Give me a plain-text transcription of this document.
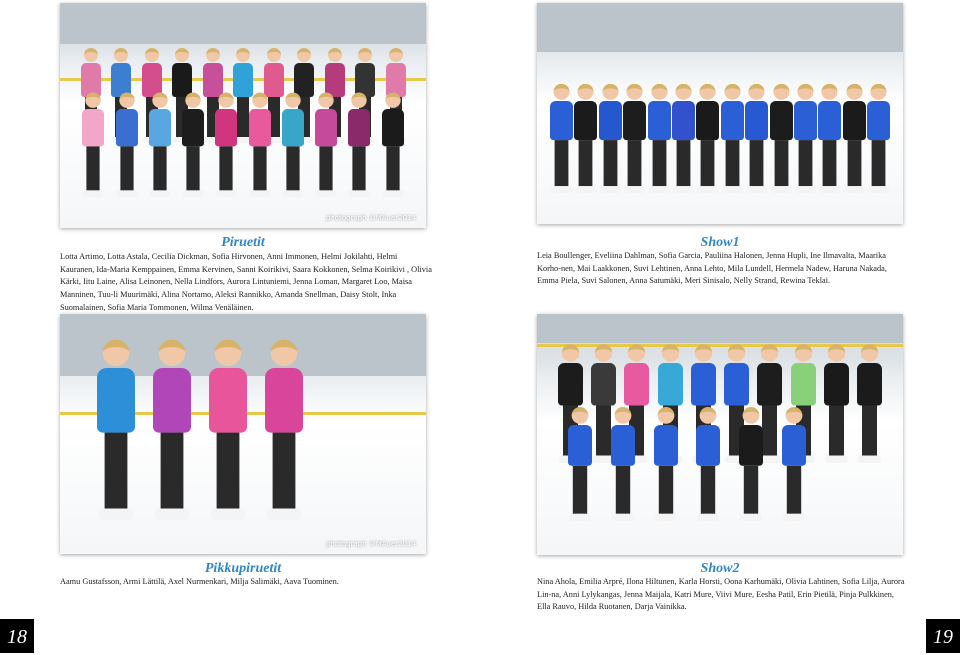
photograph ©MAuer2014
Piruetit
Lotta Artimo, Lotta Astala, Cecilia Dickman, Sofia Hirvonen, Anni Immonen, Helmi Jokilahti, Helmi Kauranen, Ida-Maria Kemppainen, Emma Kervinen, Sanni Koirikivi, Saara Kokkonen, Selma Koirikivi , Olivia Kärki, Iitu Laine, Alisa Leinonen, Nella Lindfors, Aurora Lintuniemi, Jenna Loman, Margaret Loo, Maisa Manninen, Tuu-li Muurimäki, Alina Nortamo, Aleksi Rannikko, Amanda Snellman, Daisy Stolt, Inka Suomalainen, Sofia Maria Tommonen, Wilma Venäläinen.
Show1
Leia Boullenger, Eveliina Dahlman, Sofia Garcia, Pauliina Halonen, Jenna Hupli, Ine Ilmavalta, Maarika Korho-nen, Mai Laakkonen, Suvi Lehtinen, Anna Lehto, Mila Lundell, Hermela Nadew, Haruna Nakada, Emma Piela, Suvi Salonen, Anna Satumäki, Meri Sinisalo, Nelly Strand, Rewina Teklai.
photograph ©MAuer2014
Pikkupiruetit
Aamu Gustafsson, Armi Lättilä, Axel Nurmenkari, Milja Salimäki, Aava Tuominen.
Show2
Nina Ahola, Emilia Arpré, Ilona Hiltunen, Karla Horsti, Oona Karhumäki, Olivia Lahtinen, Sofia Lilja, Aurora Lin-na, Anni Lylykangas, Jenna Maijala, Katri Mure, Viivi Mure, Eesha Patil, Erin Pietilä, Pinja Pulkkinen, Ella Rauvo, Hilda Ruotanen, Darja Vainikka.
18	19
